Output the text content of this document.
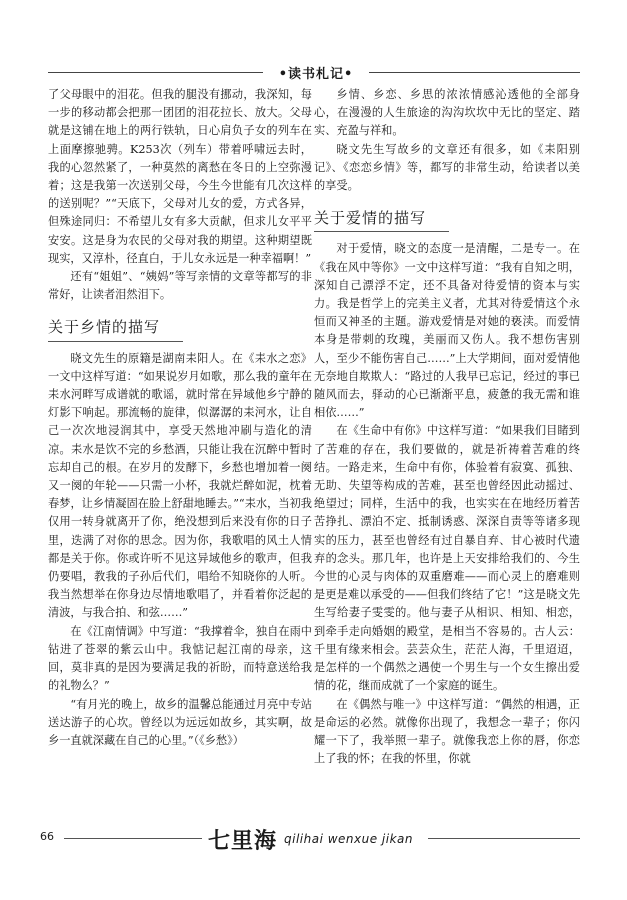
•读书札记•

了父母眼中的泪花。但我的腿没有挪动，我深知，每一步的移动都会把那一团团的泪花拉长、放大。父母就是这铺在地上的两行铁轨，日心肩负子女的列车在上面摩擦驰骋。K253次（列车）带着呼啸远去时，我的心忽然紧了，一种莫然的离愁在冬日的上空弥漫着；这是我第一次送别父母，今生今世能有几次这样的送别呢？”“天底下，父母对儿女的爱，方式各异，但殊途同归：不希望儿女有多大贡献，但求儿女平平安安。这是身为农民的父母对我的期望。这种期望既现实，又淳朴，径直白，于儿女永远是一种幸福啊！”

还有“姐姐”、“姨妈”等写亲情的文章等都写的非常好，让读者泪然泪下。

关于乡情的描写

晓文先生的原籍是湖南耒阳人。在《耒水之恋》一文中这样写道：“如果说岁月如歌，那么我的童年在耒水河畔写成谱就的歌谣，就时常在异域他乡宁静的灯影下响起。那流畅的旋律，似潺潺的耒河水，让自己一次次地浸润其中，享受天然地冲刷与造化的清凉。耒水是饮不完的乡愁酒，只能让我在沉醉中暂时忘却自己的根。在岁月的发酵下，乡愁也增加着一阕又一阕的年轮——只需一小杯，我就烂醉如泥，枕着春梦，让乡情凝固在脸上舒甜地睡去。”“耒水，当初我仅用一转身就离开了你，绝没想到后来没有你的日子里，迭满了对你的思念。因为你，我歌唱的风土人情都是关于你。你或许听不见这异域他乡的歌声，但我仍要唱，教我的子孙后代们，唱给不知晓你的人听。我当然想举在你身边尽情地歌唱了，并看着你泛起的清波，与我合拍、和弦……”

在《江南情调》中写道：“我撑着伞，独自在雨中钻进了苍翠的紫云山中。我惦记起江南的母亲，这回，莫非真的是因为要满足我的祈盼，而特意送给我的礼物么？”

“有月光的晚上，故乡的温馨总能通过月亮中专站送达游子的心坎。曾经以为远远如故乡，其实啊，故乡一直就深藏在自己的心里。”（《乡愁》）

乡情、乡恋、乡思的浓浓情感沁透他的全部身心，在漫漫的人生旅途的沟沟坎坎中无比的坚定、踏实、充盈与祥和。

晓文先生写故乡的文章还有很多，如《耒阳别记》、《恋恋乡情》等，都写的非常生动，给读者以美的享受。

关于爱情的描写

对于爱情，晓文的态度一是清醒，二是专一。在《我在风中等你》一文中这样写道：“我有自知之明，深知自己漂浮不定，还不具备对待爱情的资本与实力。我是哲学上的完美主义者，尤其对待爱情这个永恒而又神圣的主题。游戏爱情是对她的亵渎。而爱情本身是带刺的玫瑰，美丽而又伤人。我不想伤害别人，至少不能伤害自己……”上大学期间，面对爱情他无奈地自欺欺人：“路过的人我早已忘记，经过的事已随风而去，驿动的心已渐渐平息，疲惫的我无需和谁相依……”

在《生命中有你》中这样写道：“如果我们目睹到了苦难的存在，我们要做的，就是祈祷着苦难的终结。一路走来，生命中有你，体验着有寂寞、孤独、无助、失望等构成的苦难，甚至也曾经因此动摇过、绝望过；同样，生活中的我，也实实在在地经历着苦苦挣扎、漂泊不定、抵制诱惑、深深自责等等诸多现实的压力，甚至也曾经有过自暴自弃、甘心被时代遗弃的念头。那几年，也许是上天安排给我们的、今生今世的心灵与肉体的双重磨难——而心灵上的磨难则是更是难以承受的——但我们终结了它！”这是晓文先生写给妻子雯雯的。他与妻子从相识、相知、相恋，到牵手走向婚姻的殿堂，是相当不容易的。古人云：千里有缘来相会。芸芸众生，茫茫人海，千里迢迢，是怎样的一个偶然之遇使一个男生与一个女生擦出爱情的花，继而成就了一个家庭的诞生。

在《偶然与唯一》中这样写道：“偶然的相遇，正是命运的必然。就像你出现了，我想念一辈子；你闪耀一下了，我举照一辈子。就像我恋上你的唇，你恋上了我的怀；在我的怀里，你就

66	七里海 qilihai wenxue jikan
